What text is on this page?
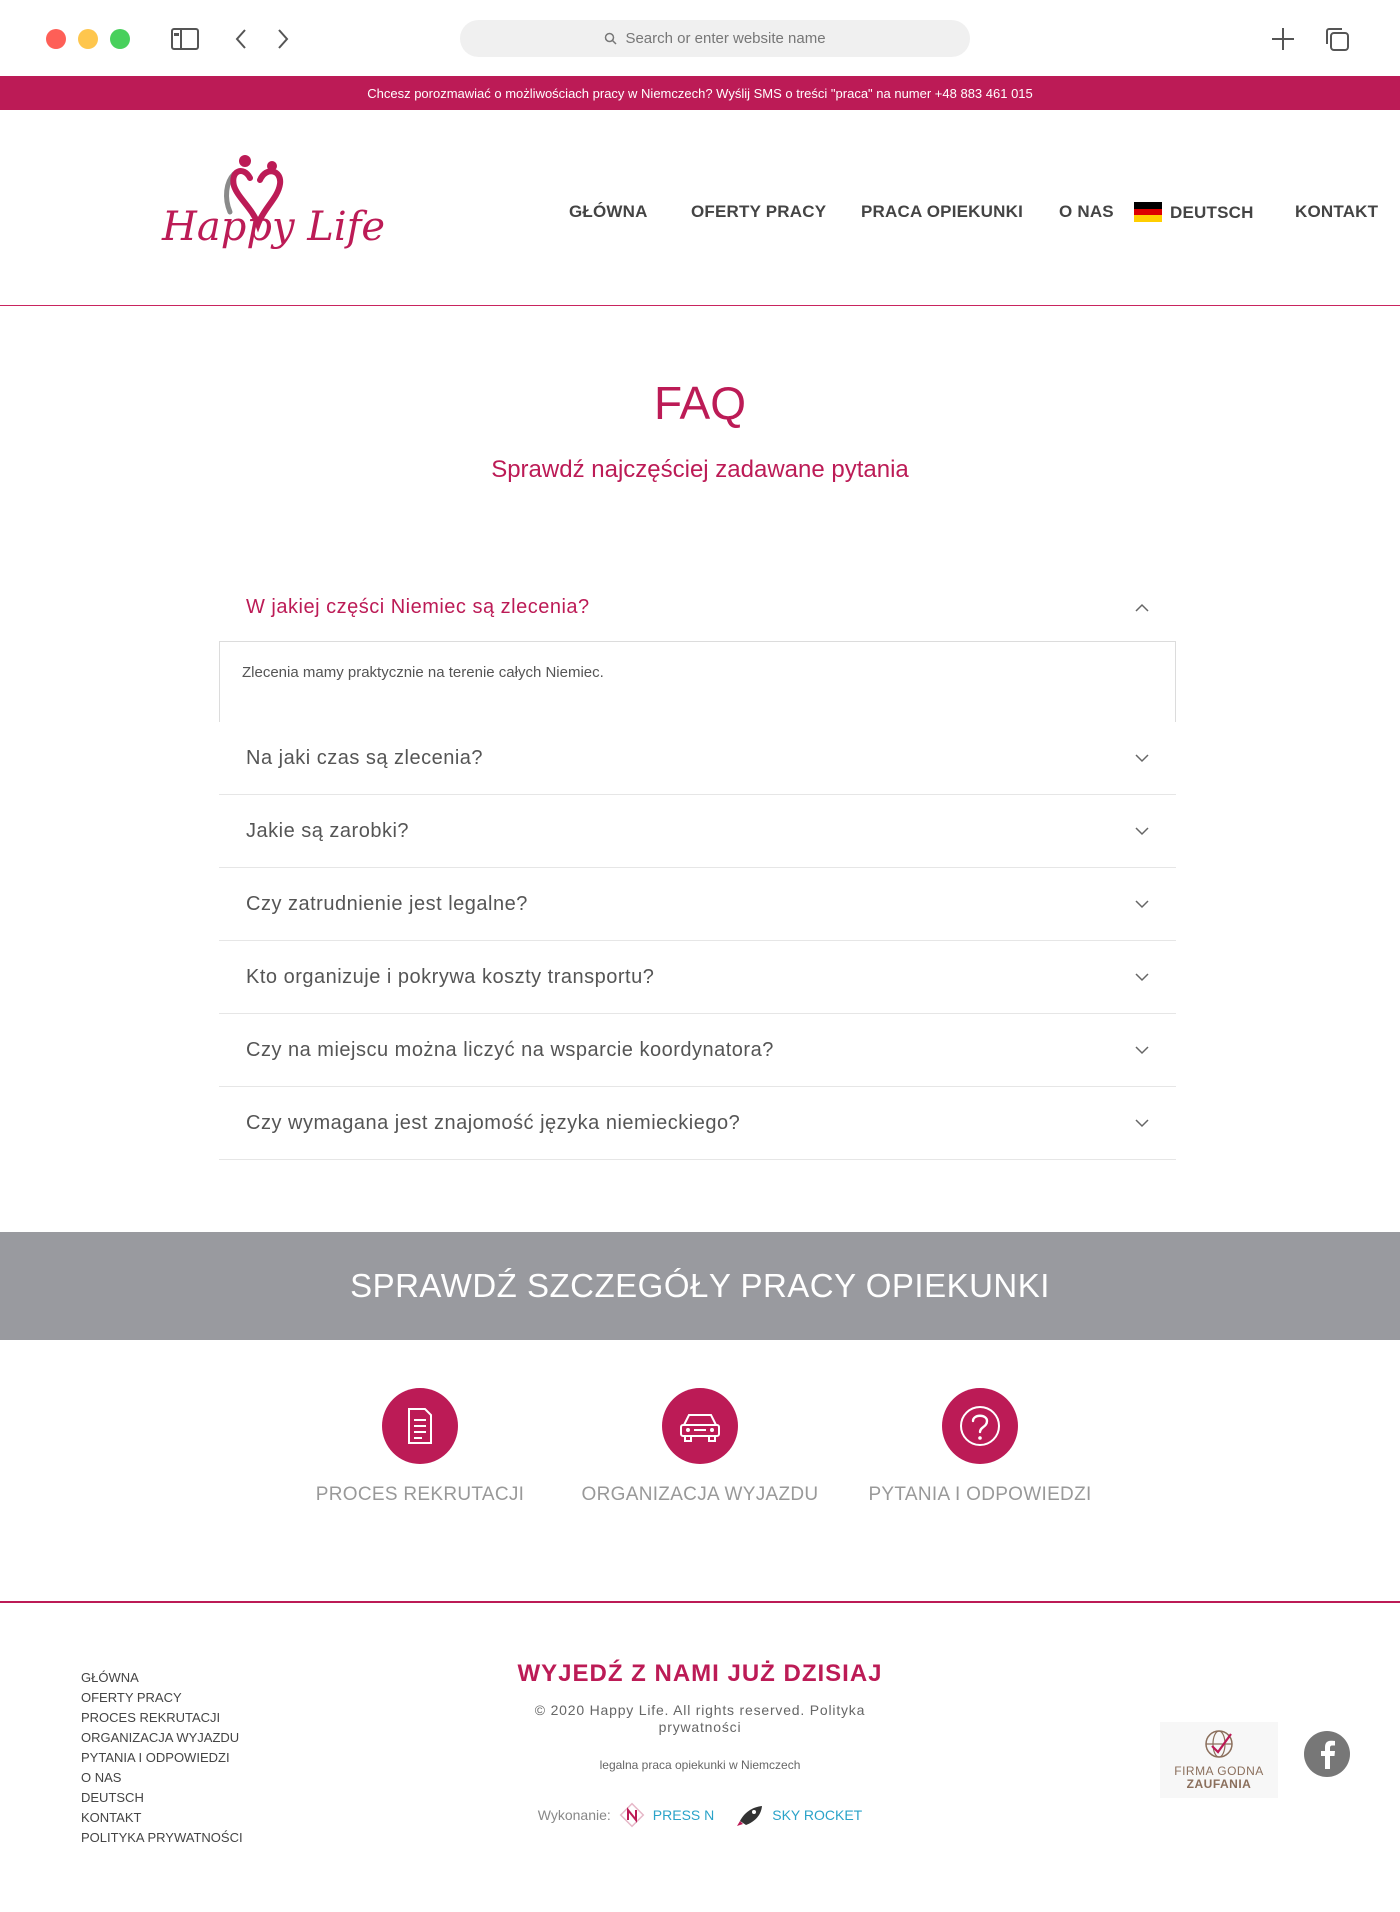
Search or enter website name
Chcesz porozmawiać o możliwościach pracy w Niemczech? Wyślij SMS o treści "praca" na numer +48 883 461 015
Happy Life	GŁÓWNA	OFERTY PRACY PRACA OPIEKUNKI O NAS	DEUTSCH KONTAKT
FAQ
Sprawdź najczęściej zadawane pytania
W jakiej części Niemiec są zlecenia?
Zlecenia mamy praktycznie na terenie całych Niemiec.
Na jaki czas są zlecenia?
Jakie są zarobki?
Czy zatrudnienie jest legalne?
Kto organizuje i pokrywa koszty transportu?
Czy na miejscu można liczyć na wsparcie koordynatora?
Czy wymagana jest znajomość języka niemieckiego?
SPRAWDŹ SZCZEGÓŁY PRACY OPIEKUNKI
PROCES REKRUTACJI	ORGANIZACJA WYJAZDU	PYTANIA I ODPOWIEDZI
GŁÓWNA
OFERTY PRACY
PROCES REKRUTACJI
ORGANIZACJA WYJAZDU
PYTANIA I ODPOWIEDZI
O NAS
DEUTSCH
KONTAKT
POLITYKA PRYWATNOŚCI
WYJEDŹ Z NAMI JUŻ DZISIAJ
© 2020 Happy Life. All rights reserved. Polityka prywatności
legalna praca opiekunki w Niemczech
Wykonanie:	PRESS N	SKY ROCKET
FIRMA GODNA
ZAUFANIA
